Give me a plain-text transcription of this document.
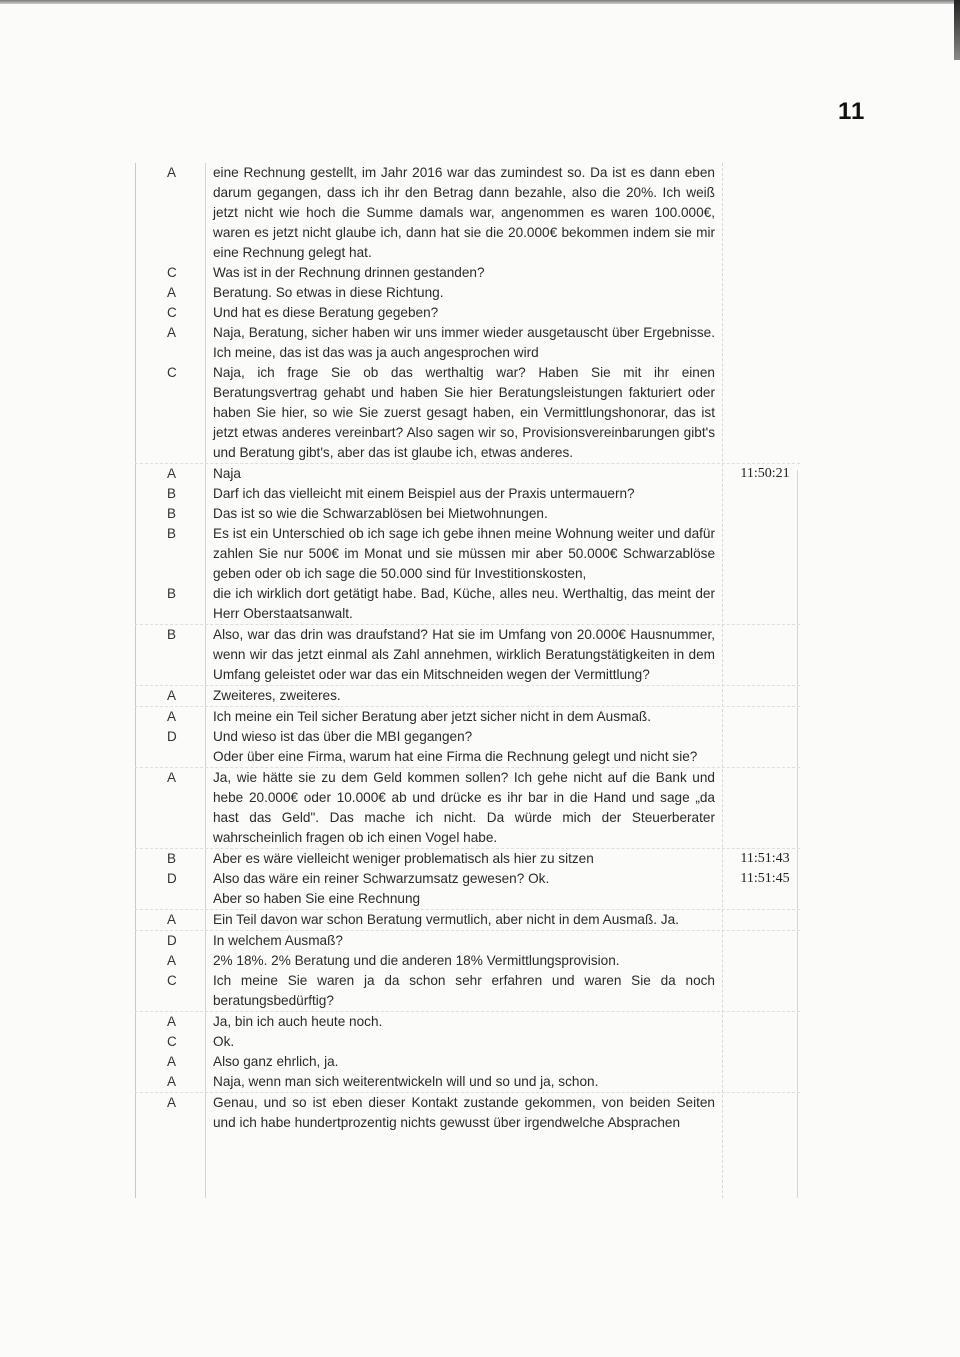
11
A	eine Rechnung gestellt, im Jahr 2016 war das zumindest so. Da ist es dann eben darum gegangen, dass ich ihr den Betrag dann bezahle, also die 20%. Ich weiß jetzt nicht wie hoch die Summe damals war, angenommen es waren 100.000€, waren es jetzt nicht glaube ich, dann hat sie die 20.000€ bekommen indem sie mir eine Rechnung gelegt hat.
C	Was ist in der Rechnung drinnen gestanden?
A	Beratung. So etwas in diese Richtung.
C	Und hat es diese Beratung gegeben?
A	Naja, Beratung, sicher haben wir uns immer wieder ausgetauscht über Ergebnisse. Ich meine, das ist das was ja auch angesprochen wird
C	Naja, ich frage Sie ob das werthaltig war? Haben Sie mit ihr einen Beratungsvertrag gehabt und haben Sie hier Beratungsleistungen fakturiert oder haben Sie hier, so wie Sie zuerst gesagt haben, ein Vermittlungshonorar, das ist jetzt etwas anderes vereinbart? Also sagen wir so, Provisionsvereinbarungen gibt's und Beratung gibt's, aber das ist glaube ich, etwas anderes.
A	Naja	11:50:21
B	Darf ich das vielleicht mit einem Beispiel aus der Praxis untermauern?
B	Das ist so wie die Schwarzablösen bei Mietwohnungen.
B	Es ist ein Unterschied ob ich sage ich gebe ihnen meine Wohnung weiter und dafür zahlen Sie nur 500€ im Monat und sie müssen mir aber 50.000€ Schwarzablöse geben oder ob ich sage die 50.000 sind für Investitionskosten,
B	die ich wirklich dort getätigt habe. Bad, Küche, alles neu. Werthaltig, das meint der Herr Oberstaatsanwalt.
B	Also, war das drin was draufstand? Hat sie im Umfang von 20.000€ Hausnummer, wenn wir das jetzt einmal als Zahl annehmen, wirklich Beratungstätigkeiten in dem Umfang geleistet oder war das ein Mitschneiden wegen der Vermittlung?
A	Zweiteres, zweiteres.
A	Ich meine ein Teil sicher Beratung aber jetzt sicher nicht in dem Ausmaß.
D	Und wieso ist das über die MBI gegangen?
Oder über eine Firma, warum hat eine Firma die Rechnung gelegt und nicht sie?
A	Ja, wie hätte sie zu dem Geld kommen sollen? Ich gehe nicht auf die Bank und hebe 20.000€ oder 10.000€ ab und drücke es ihr bar in die Hand und sage „da hast das Geld". Das mache ich nicht. Da würde mich der Steuerberater wahrscheinlich fragen ob ich einen Vogel habe.
B	Aber es wäre vielleicht weniger problematisch als hier zu sitzen	11:51:43
D	Also das wäre ein reiner Schwarzumsatz gewesen? Ok.	11:51:45
Aber so haben Sie eine Rechnung
A	Ein Teil davon war schon Beratung vermutlich, aber nicht in dem Ausmaß. Ja.
D	In welchem Ausmaß?
A	2% 18%. 2% Beratung und die anderen 18% Vermittlungsprovision.
C	Ich meine Sie waren ja da schon sehr erfahren und waren Sie da noch beratungsbedürftig?
A	Ja, bin ich auch heute noch.
C	Ok.
A	Also ganz ehrlich, ja.
A	Naja, wenn man sich weiterentwickeln will und so und ja, schon.
A	Genau, und so ist eben dieser Kontakt zustande gekommen, von beiden Seiten und ich habe hundertprozentig nichts gewusst über irgendwelche Absprachen
